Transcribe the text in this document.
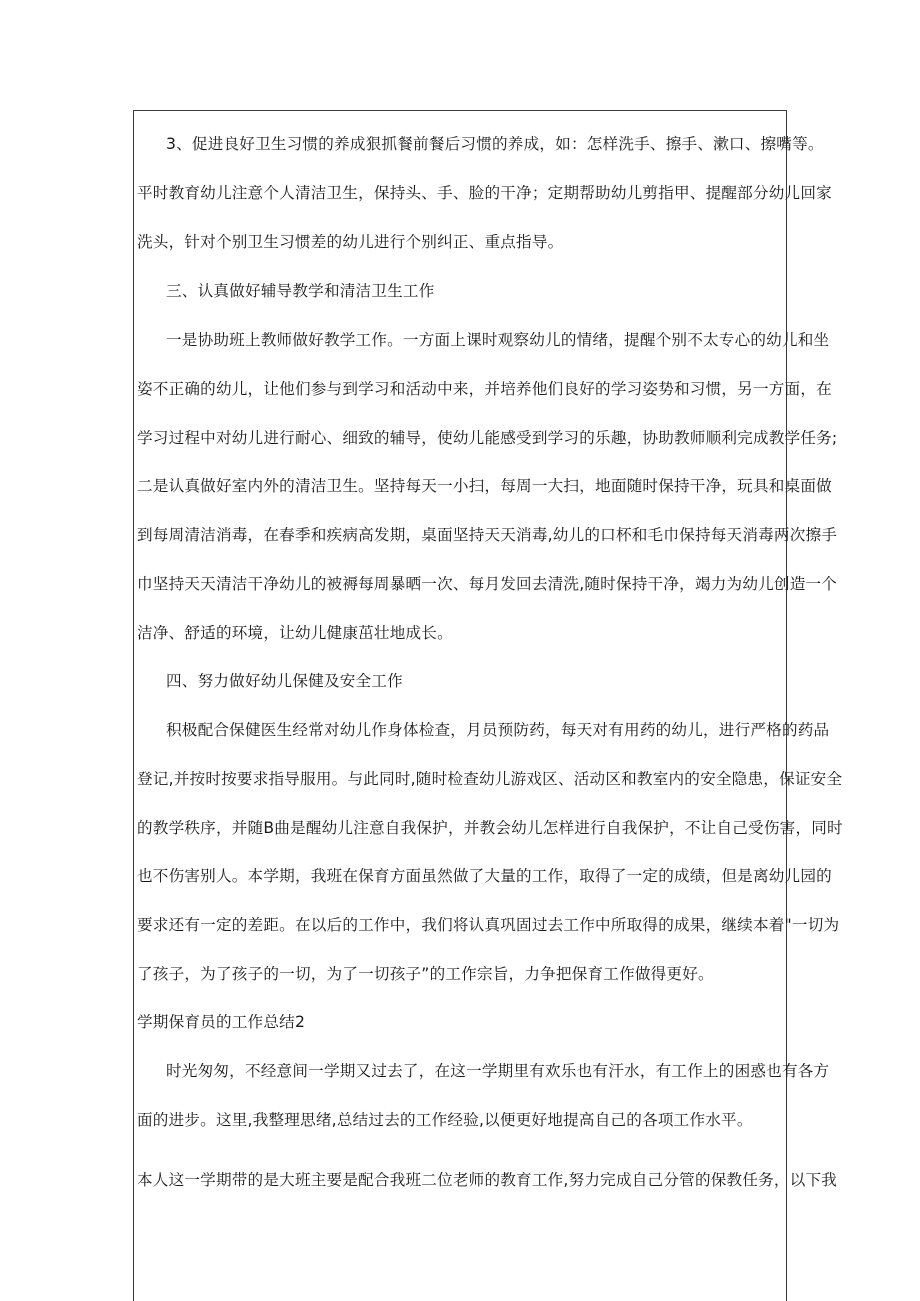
3、促进良好卫生习惯的养成狠抓餐前餐后习惯的养成，如：怎样洗手、擦手、漱口、擦嘴等。
平时教育幼儿注意个人清洁卫生，保持头、手、脸的干净；定期帮助幼儿剪指甲、提醒部分幼儿回家
洗头，针对个别卫生习惯差的幼儿进行个别纠正、重点指导。
三、认真做好辅导教学和清洁卫生工作
一是协助班上教师做好教学工作。一方面上课时观察幼儿的情绪，提醒个别不太专心的幼儿和坐
姿不正确的幼儿，让他们参与到学习和活动中来，并培养他们良好的学习姿势和习惯，另一方面，在
学习过程中对幼儿进行耐心、细致的辅导，使幼儿能感受到学习的乐趣，协助教师顺利完成教学任务;
二是认真做好室内外的清洁卫生。坚持每天一小扫，每周一大扫，地面随时保持干净，玩具和桌面做
到每周清洁消毒，在春季和疾病高发期，桌面坚持天天消毒,幼儿的口杯和毛巾保持每天消毒两次擦手
巾坚持天天清洁干净幼儿的被褥每周暴晒一次、每月发回去清洗,随时保持干净，竭力为幼儿创造一个
洁净、舒适的环境，让幼儿健康茁壮地成长。
四、努力做好幼儿保健及安全工作
积极配合保健医生经常对幼儿作身体检查，月员预防药，每天对有用药的幼儿，进行严格的药品
登记,并按时按要求指导服用。与此同时,随时检查幼儿游戏区、活动区和教室内的安全隐患，保证安全
的教学秩序，并随B曲是醒幼儿注意自我保护，并教会幼儿怎样进行自我保护，不让自己受伤害，同时
也不伤害别人。本学期，我班在保育方面虽然做了大量的工作，取得了一定的成绩，但是离幼儿园的
要求还有一定的差距。在以后的工作中，我们将认真巩固过去工作中所取得的成果，继续本着"一切为
了孩子，为了孩子的一切，为了一切孩子”的工作宗旨，力争把保育工作做得更好。
学期保育员的工作总结2
时光匆匆，不经意间一学期又过去了，在这一学期里有欢乐也有汗水，有工作上的困惑也有各方
面的进步。这里,我整理思绪,总结过去的工作经验,以便更好地提高自己的各项工作水平。
本人这一学期带的是大班主要是配合我班二位老师的教育工作,努力完成自己分管的保教任务，以下我
